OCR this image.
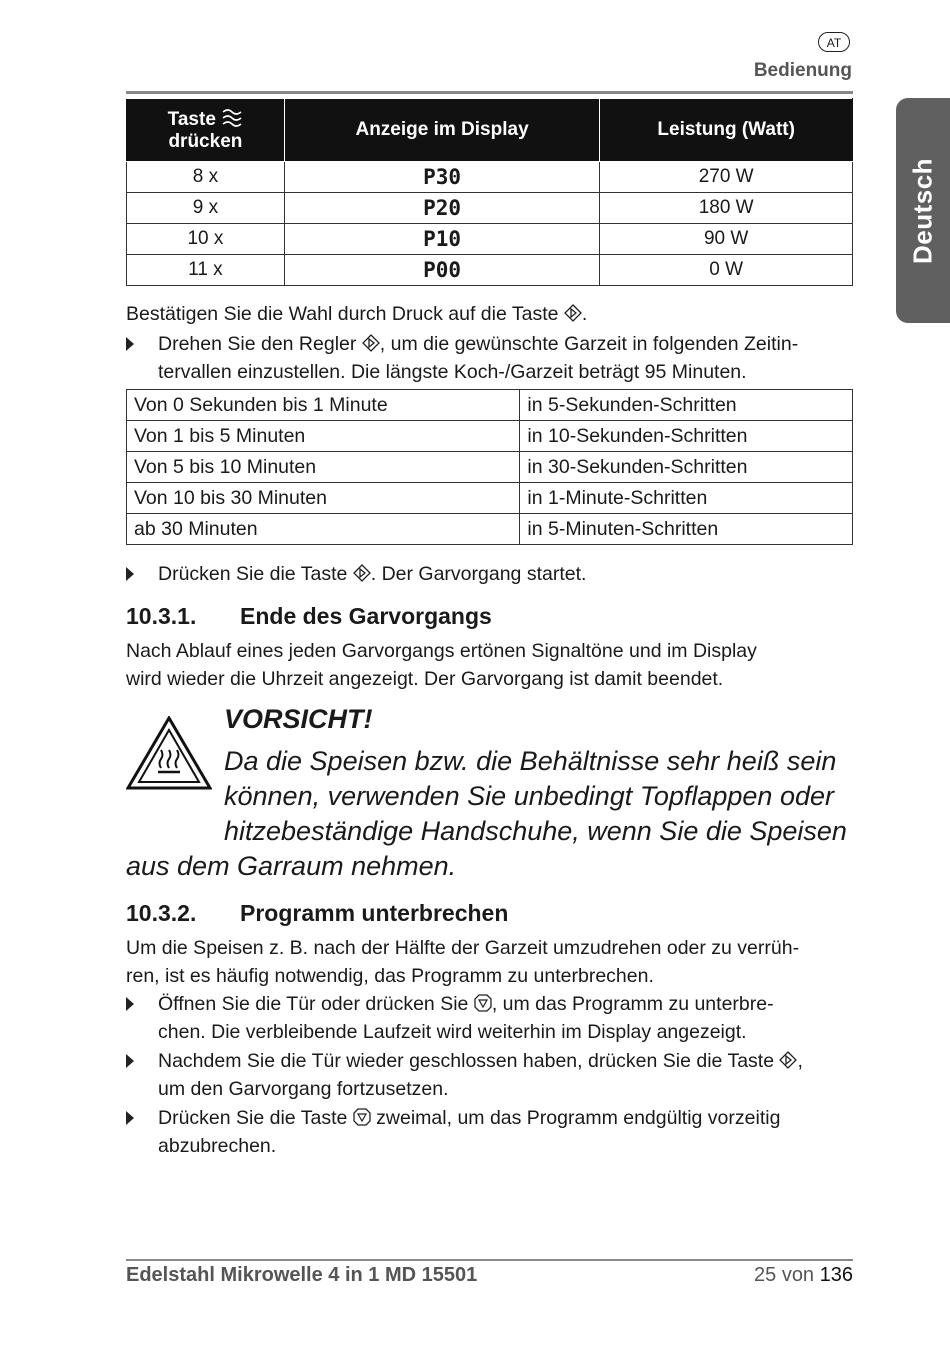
AT
Bedienung
Deutsch
Taste
drücken	Anzeige im Display	Leistung (Watt)
8 x	P30	270 W
9 x	P20	180 W
10 x	P10	90 W
11 x	P00	0 W
Bestätigen Sie die Wahl durch Druck auf die Taste .
Drehen Sie den Regler , um die gewünschte Garzeit in folgenden Zeitin-
tervallen einzustellen. Die längste Koch-/Garzeit beträgt 95 Minuten.
Von 0 Sekunden bis 1 Minute	in 5-Sekunden-Schritten
Von 1 bis 5 Minuten	in 10-Sekunden-Schritten
Von 5 bis 10 Minuten	in 30-Sekunden-Schritten
Von 10 bis 30 Minuten	in 1-Minute-Schritten
ab 30 Minuten	in 5-Minuten-Schritten
Drücken Sie die Taste . Der Garvorgang startet.
10.3.1. Ende des Garvorgangs
Nach Ablauf eines jeden Garvorgangs ertönen Signaltöne und im Display
wird wieder die Uhrzeit angezeigt. Der Garvorgang ist damit beendet.
VORSICHT!
Da die Speisen bzw. die Behältnisse sehr heiß sein
können, verwenden Sie unbedingt Topflappen oder
hitzebeständige Handschuhe, wenn Sie die Speisen
aus dem Garraum nehmen.
10.3.2. Programm unterbrechen
Um die Speisen z. B. nach der Hälfte der Garzeit umzudrehen oder zu verrüh-
ren, ist es häufig notwendig, das Programm zu unterbrechen.
Öffnen Sie die Tür oder drücken Sie , um das Programm zu unterbre-
chen. Die verbleibende Laufzeit wird weiterhin im Display angezeigt.
Nachdem Sie die Tür wieder geschlossen haben, drücken Sie die Taste ,
um den Garvorgang fortzusetzen.
Drücken Sie die Taste zweimal, um das Programm endgültig vorzeitig
abzubrechen.
Edelstahl Mikrowelle 4 in 1 MD 15501	25 von 136
